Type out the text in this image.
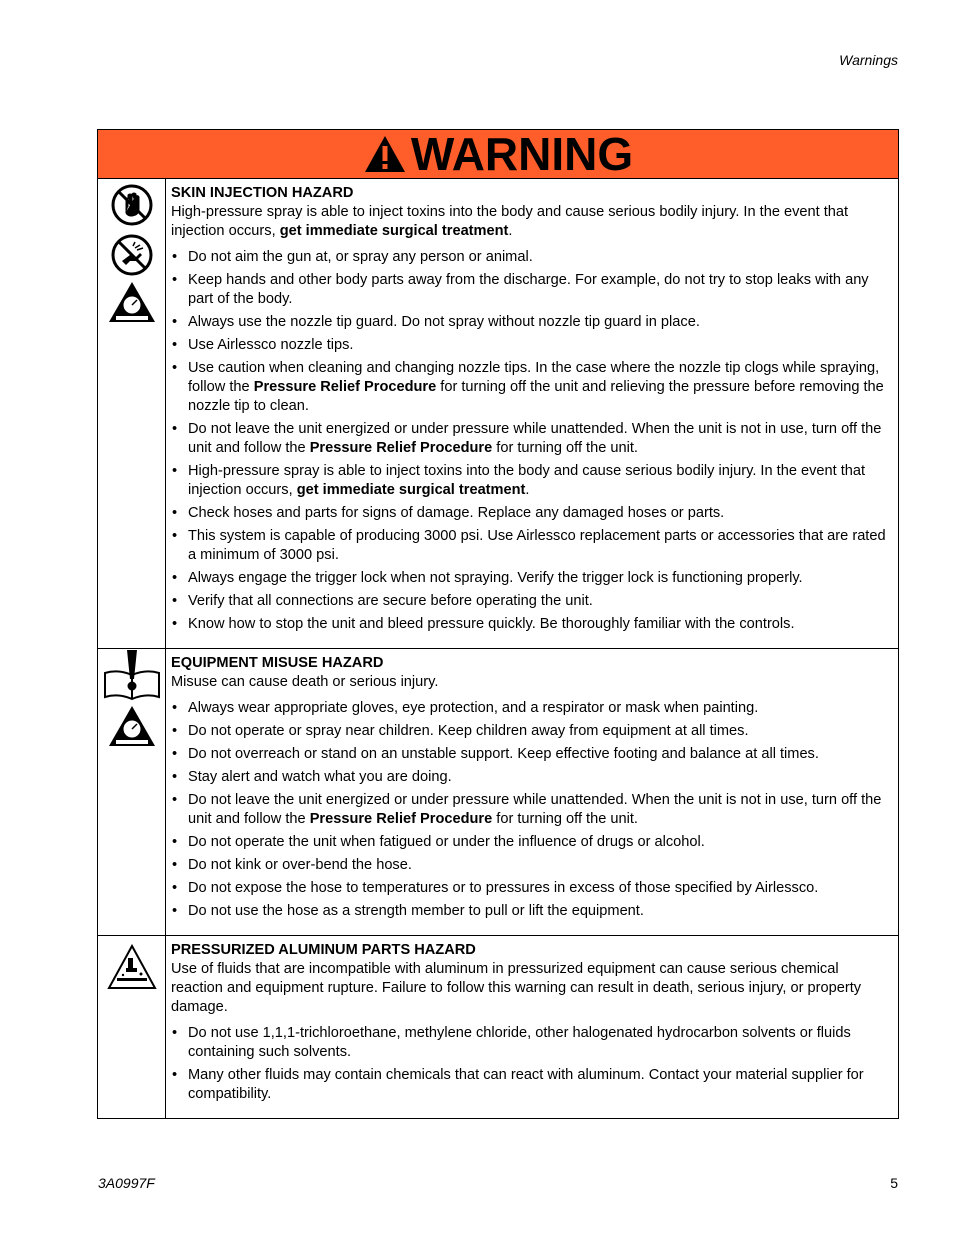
Warnings
WARNING

SKIN INJECTION HAZARD

High-pressure spray is able to inject toxins into the body and cause serious bodily injury. In the event that injection occurs, get immediate surgical treatment.

• Do not aim the gun at, or spray any person or animal.
• Keep hands and other body parts away from the discharge. For example, do not try to stop leaks with any part of the body.
• Always use the nozzle tip guard. Do not spray without nozzle tip guard in place.
• Use Airlessco nozzle tips.
• Use caution when cleaning and changing nozzle tips. In the case where the nozzle tip clogs while spraying, follow the Pressure Relief Procedure for turning off the unit and relieving the pressure before removing the nozzle tip to clean.
• Do not leave the unit energized or under pressure while unattended. When the unit is not in use, turn off the unit and follow the Pressure Relief Procedure for turning off the unit.
• High-pressure spray is able to inject toxins into the body and cause serious bodily injury. In the event that injection occurs, get immediate surgical treatment.
• Check hoses and parts for signs of damage. Replace any damaged hoses or parts.
• This system is capable of producing 3000 psi. Use Airlessco replacement parts or accessories that are rated a minimum of 3000 psi.
• Always engage the trigger lock when not spraying. Verify the trigger lock is functioning properly.
• Verify that all connections are secure before operating the unit.
• Know how to stop the unit and bleed pressure quickly. Be thoroughly familiar with the controls.

EQUIPMENT MISUSE HAZARD

Misuse can cause death or serious injury.

• Always wear appropriate gloves, eye protection, and a respirator or mask when painting.
• Do not operate or spray near children. Keep children away from equipment at all times.
• Do not overreach or stand on an unstable support. Keep effective footing and balance at all times.
• Stay alert and watch what you are doing.
• Do not leave the unit energized or under pressure while unattended. When the unit is not in use, turn off the unit and follow the Pressure Relief Procedure for turning off the unit.
• Do not operate the unit when fatigued or under the influence of drugs or alcohol.
• Do not kink or over-bend the hose.
• Do not expose the hose to temperatures or to pressures in excess of those specified by Airlessco.
• Do not use the hose as a strength member to pull or lift the equipment.

PRESSURIZED ALUMINUM PARTS HAZARD

Use of fluids that are incompatible with aluminum in pressurized equipment can cause serious chemical reaction and equipment rupture. Failure to follow this warning can result in death, serious injury, or property damage.

• Do not use 1,1,1-trichloroethane, methylene chloride, other halogenated hydrocarbon solvents or fluids containing such solvents.
• Many other fluids may contain chemicals that can react with aluminum. Contact your material supplier for compatibility.
3A0997F	5
